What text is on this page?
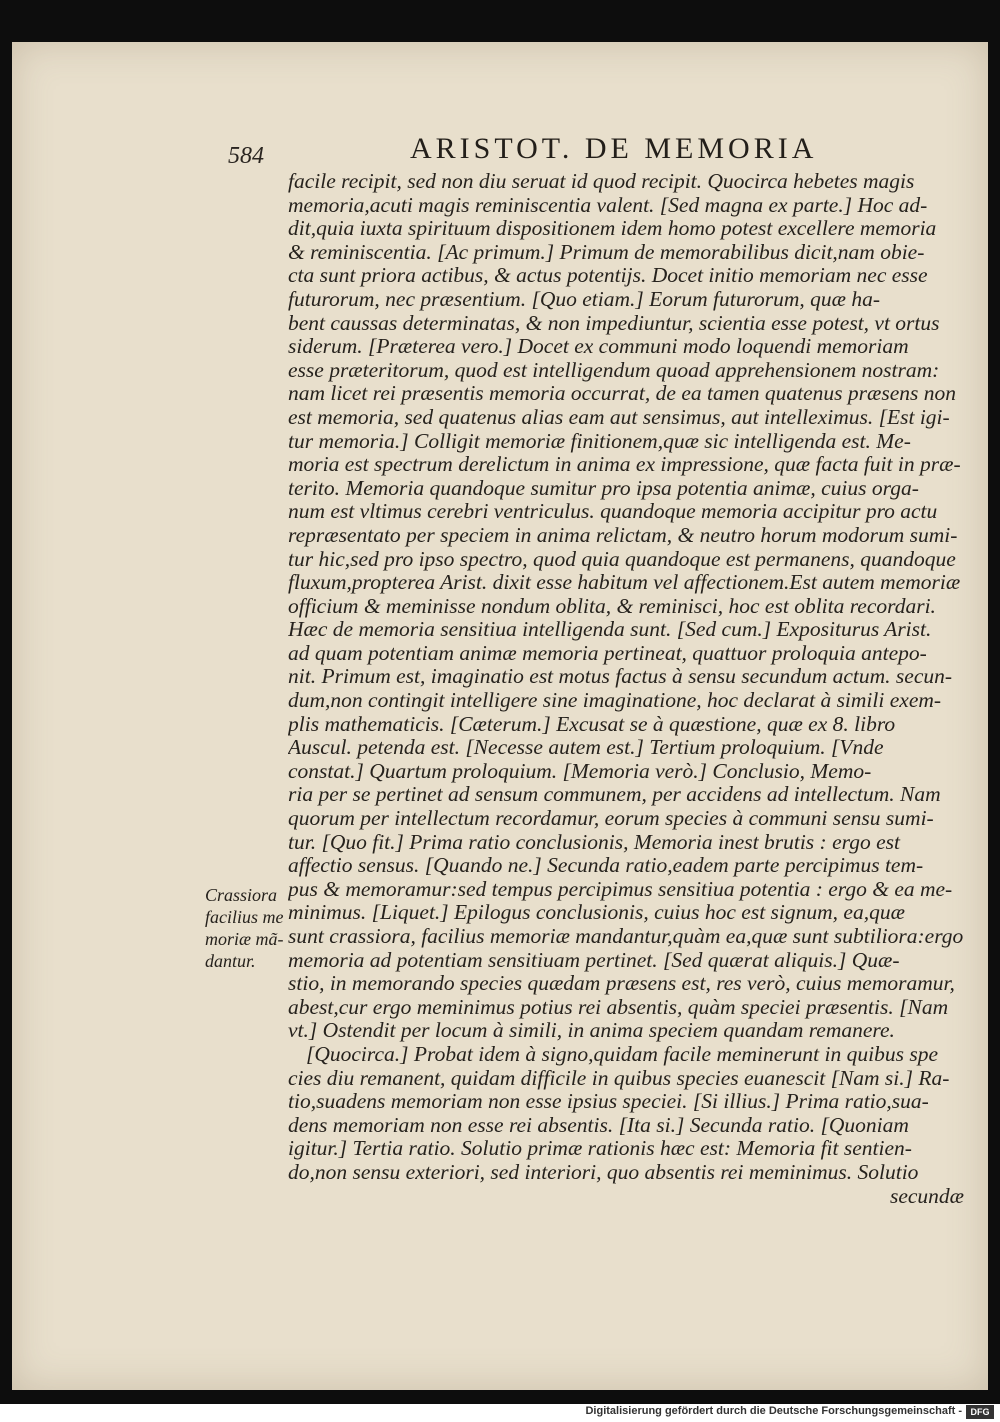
584	ARISTOT. DE MEMORIA
facile recipit, sed non diu seruat id quod recipit. Quocirca hebetes magis
memoria,acuti magis reminiscentia valent. [Sed magna ex parte.] Hoc ad-
dit,quia iuxta spirituum dispositionem idem homo potest excellere memoria
& reminiscentia. [Ac primum.] Primum de memorabilibus dicit,nam obie-
cta sunt priora actibus, & actus potentijs. Docet initio memoriam nec esse
futurorum, nec præsentium. [Quo etiam.] Eorum futurorum, quæ ha-
bent caussas determinatas, & non impediuntur, scientia esse potest, vt ortus
siderum. [Præterea vero.] Docet ex communi modo loquendi memoriam
esse præteritorum, quod est intelligendum quoad apprehensionem nostram:
nam licet rei præsentis memoria occurrat, de ea tamen quatenus præsens non
est memoria, sed quatenus alias eam aut sensimus, aut intelleximus. [Est igi-
tur memoria.] Colligit memoriæ finitionem,quæ sic intelligenda est. Me-
moria est spectrum derelictum in anima ex impressione, quæ facta fuit in præ-
terito. Memoria quandoque sumitur pro ipsa potentia animæ, cuius orga-
num est vltimus cerebri ventriculus. quandoque memoria accipitur pro actu
repræsentato per speciem in anima relictam, & neutro horum modorum sumi-
tur hic,sed pro ipso spectro, quod quia quandoque est permanens, quandoque
fluxum,propterea Arist. dixit esse habitum vel affectionem.Est autem memoriæ
officium & meminisse nondum oblita, & reminisci, hoc est oblita recordari.
Hæc de memoria sensitiua intelligenda sunt. [Sed cum.] Expositurus Arist.
ad quam potentiam animæ memoria pertineat, quattuor proloquia antepo-
nit. Primum est, imaginatio est motus factus à sensu secundum actum. secun-
dum,non contingit intelligere sine imaginatione, hoc declarat à simili exem-
plis mathematicis. [Cæterum.] Excusat se à quæstione, quæ ex 8. libro
Auscul. petenda est. [Necesse autem est.] Tertium proloquium. [Vnde
constat.] Quartum proloquium. [Memoria verò.] Conclusio, Memo-
ria per se pertinet ad sensum communem, per accidens ad intellectum. Nam
quorum per intellectum recordamur, eorum species à communi sensu sumi-
tur. [Quo fit.] Prima ratio conclusionis, Memoria inest brutis : ergo est
affectio sensus. [Quando ne.] Secunda ratio,eadem parte percipimus tem-
pus & memoramur:sed tempus percipimus sensitiua potentia : ergo & ea me-
minimus. [Liquet.] Epilogus conclusionis, cuius hoc est signum, ea,quæ
sunt crassiora, facilius memoriæ mandantur,quàm ea,quæ sunt subtiliora:ergo
memoria ad potentiam sensitiuam pertinet. [Sed quærat aliquis.] Quæ-
stio, in memorando species quædam præsens est, res verò, cuius memoramur,
abest,cur ergo meminimus potius rei absentis, quàm speciei præsentis. [Nam
vt.] Ostendit per locum à simili, in anima speciem quandam remanere.
[Quocirca.] Probat idem à signo,quidam facile meminerunt in quibus spe
cies diu remanent, quidam difficile in quibus species euanescit [Nam si.] Ra-
tio,suadens memoriam non esse ipsius speciei. [Si illius.] Prima ratio,sua-
dens memoriam non esse rei absentis. [Ita si.] Secunda ratio. [Quoniam
igitur.] Tertia ratio. Solutio primæ rationis hæc est: Memoria fit sentien-
do,non sensu exteriori, sed interiori, quo absentis rei meminimus. Solutio
secundæ
Crassiora
facilius me
moriæ mã-
dantur.
Digitalisierung gefördert durch die Deutsche Forschungsgemeinschaft - DFG
